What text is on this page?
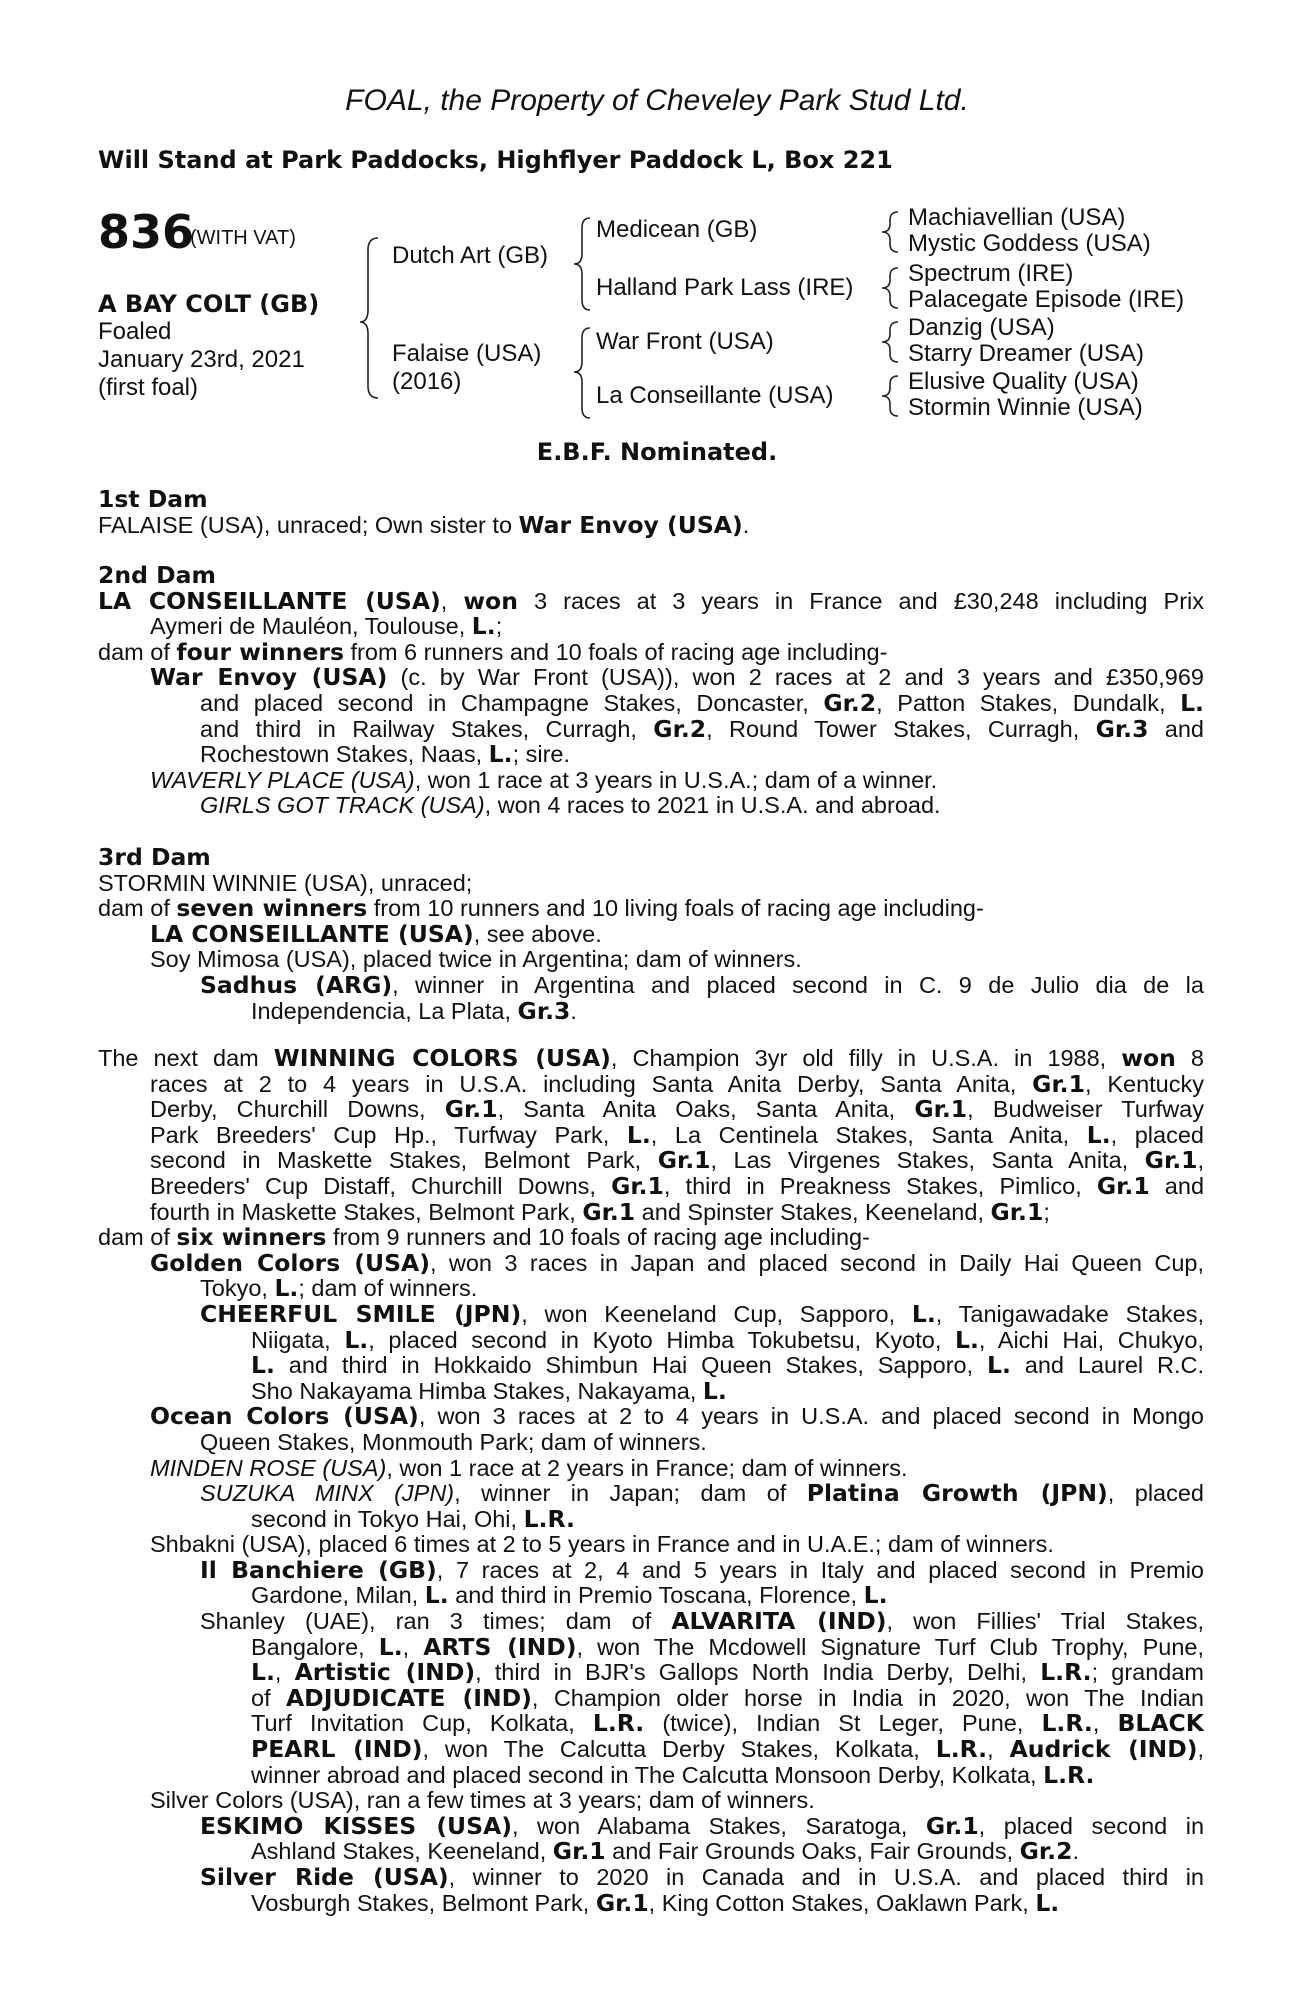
FOAL, the Property of Cheveley Park Stud Ltd.
Will Stand at Park Paddocks, Highflyer Paddock L, Box 221
836
(WITH VAT)
A BAY COLT (GB)
Foaled
January 23rd, 2021
(first foal)
Dutch Art (GB)
Falaise (USA)
(2016)
Medicean (GB)
Halland Park Lass (IRE)
War Front (USA)
La Conseillante (USA)
Machiavellian (USA)
Mystic Goddess (USA)
Spectrum (IRE)
Palacegate Episode (IRE)
Danzig (USA)
Starry Dreamer (USA)
Elusive Quality (USA)
Stormin Winnie (USA)
E.B.F. Nominated.
1st Dam
FALAISE (USA), unraced; Own sister to War Envoy (USA).
2nd Dam
LA CONSEILLANTE (USA), won 3 races at 3 years in France and £30,248 including Prix
Aymeri de Mauléon, Toulouse, L.;
dam of four winners from 6 runners and 10 foals of racing age including-
War Envoy (USA) (c. by War Front (USA)), won 2 races at 2 and 3 years and £350,969
and placed second in Champagne Stakes, Doncaster, Gr.2, Patton Stakes, Dundalk, L.
and third in Railway Stakes, Curragh, Gr.2, Round Tower Stakes, Curragh, Gr.3 and
Rochestown Stakes, Naas, L.; sire.
WAVERLY PLACE (USA), won 1 race at 3 years in U.S.A.; dam of a winner.
GIRLS GOT TRACK (USA), won 4 races to 2021 in U.S.A. and abroad.
3rd Dam
STORMIN WINNIE (USA), unraced;
dam of seven winners from 10 runners and 10 living foals of racing age including-
LA CONSEILLANTE (USA), see above.
Soy Mimosa (USA), placed twice in Argentina; dam of winners.
Sadhus (ARG), winner in Argentina and placed second in C. 9 de Julio dia de la
Independencia, La Plata, Gr.3.
The next dam WINNING COLORS (USA), Champion 3yr old filly in U.S.A. in 1988, won 8
races at 2 to 4 years in U.S.A. including Santa Anita Derby, Santa Anita, Gr.1, Kentucky
Derby, Churchill Downs, Gr.1, Santa Anita Oaks, Santa Anita, Gr.1, Budweiser Turfway
Park Breeders' Cup Hp., Turfway Park, L., La Centinela Stakes, Santa Anita, L., placed
second in Maskette Stakes, Belmont Park, Gr.1, Las Virgenes Stakes, Santa Anita, Gr.1,
Breeders' Cup Distaff, Churchill Downs, Gr.1, third in Preakness Stakes, Pimlico, Gr.1 and
fourth in Maskette Stakes, Belmont Park, Gr.1 and Spinster Stakes, Keeneland, Gr.1;
dam of six winners from 9 runners and 10 foals of racing age including-
Golden Colors (USA), won 3 races in Japan and placed second in Daily Hai Queen Cup,
Tokyo, L.; dam of winners.
CHEERFUL SMILE (JPN), won Keeneland Cup, Sapporo, L., Tanigawadake Stakes,
Niigata, L., placed second in Kyoto Himba Tokubetsu, Kyoto, L., Aichi Hai, Chukyo,
L. and third in Hokkaido Shimbun Hai Queen Stakes, Sapporo, L. and Laurel R.C.
Sho Nakayama Himba Stakes, Nakayama, L.
Ocean Colors (USA), won 3 races at 2 to 4 years in U.S.A. and placed second in Mongo
Queen Stakes, Monmouth Park; dam of winners.
MINDEN ROSE (USA), won 1 race at 2 years in France; dam of winners.
SUZUKA MINX (JPN), winner in Japan; dam of Platina Growth (JPN), placed
second in Tokyo Hai, Ohi, L.R.
Shbakni (USA), placed 6 times at 2 to 5 years in France and in U.A.E.; dam of winners.
Il Banchiere (GB), 7 races at 2, 4 and 5 years in Italy and placed second in Premio
Gardone, Milan, L. and third in Premio Toscana, Florence, L.
Shanley (UAE), ran 3 times; dam of ALVARITA (IND), won Fillies' Trial Stakes,
Bangalore, L., ARTS (IND), won The Mcdowell Signature Turf Club Trophy, Pune,
L., Artistic (IND), third in BJR's Gallops North India Derby, Delhi, L.R.; grandam
of ADJUDICATE (IND), Champion older horse in India in 2020, won The Indian
Turf Invitation Cup, Kolkata, L.R. (twice), Indian St Leger, Pune, L.R., BLACK
PEARL (IND), won The Calcutta Derby Stakes, Kolkata, L.R., Audrick (IND),
winner abroad and placed second in The Calcutta Monsoon Derby, Kolkata, L.R.
Silver Colors (USA), ran a few times at 3 years; dam of winners.
ESKIMO KISSES (USA), won Alabama Stakes, Saratoga, Gr.1, placed second in
Ashland Stakes, Keeneland, Gr.1 and Fair Grounds Oaks, Fair Grounds, Gr.2.
Silver Ride (USA), winner to 2020 in Canada and in U.S.A. and placed third in
Vosburgh Stakes, Belmont Park, Gr.1, King Cotton Stakes, Oaklawn Park, L.
